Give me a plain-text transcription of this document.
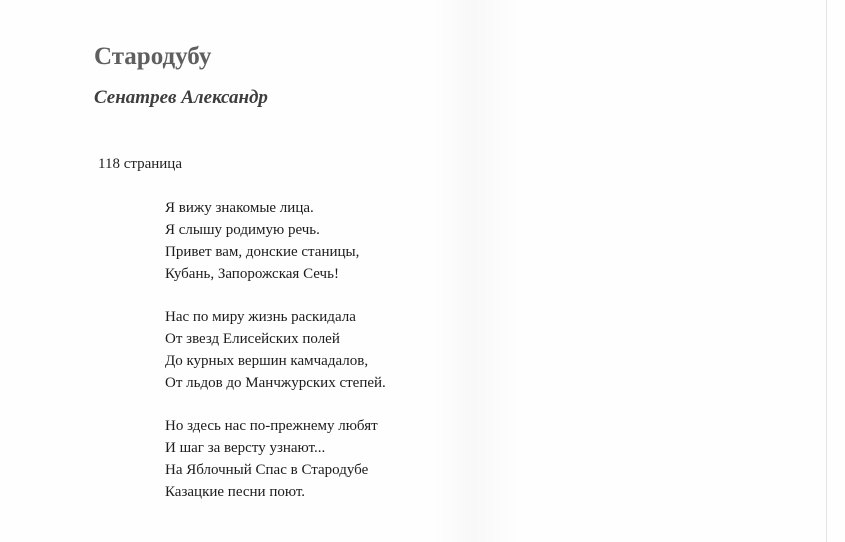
Стародубу
Сенатрев Александр

118 страница

Я вижу знакомые лица.
Я слышу родимую речь.
Привет вам, донские станицы,
Кубань, Запорожская Сечь!
Нас по миру жизнь раскидала
От звезд Елисейских полей
До курных вершин камчадалов,
От льдов до Манчжурских степей.
Но здесь нас по-прежнему любят
И шаг за версту узнают...
На Яблочный Спас в Стародубе
Казацкие песни поют.
